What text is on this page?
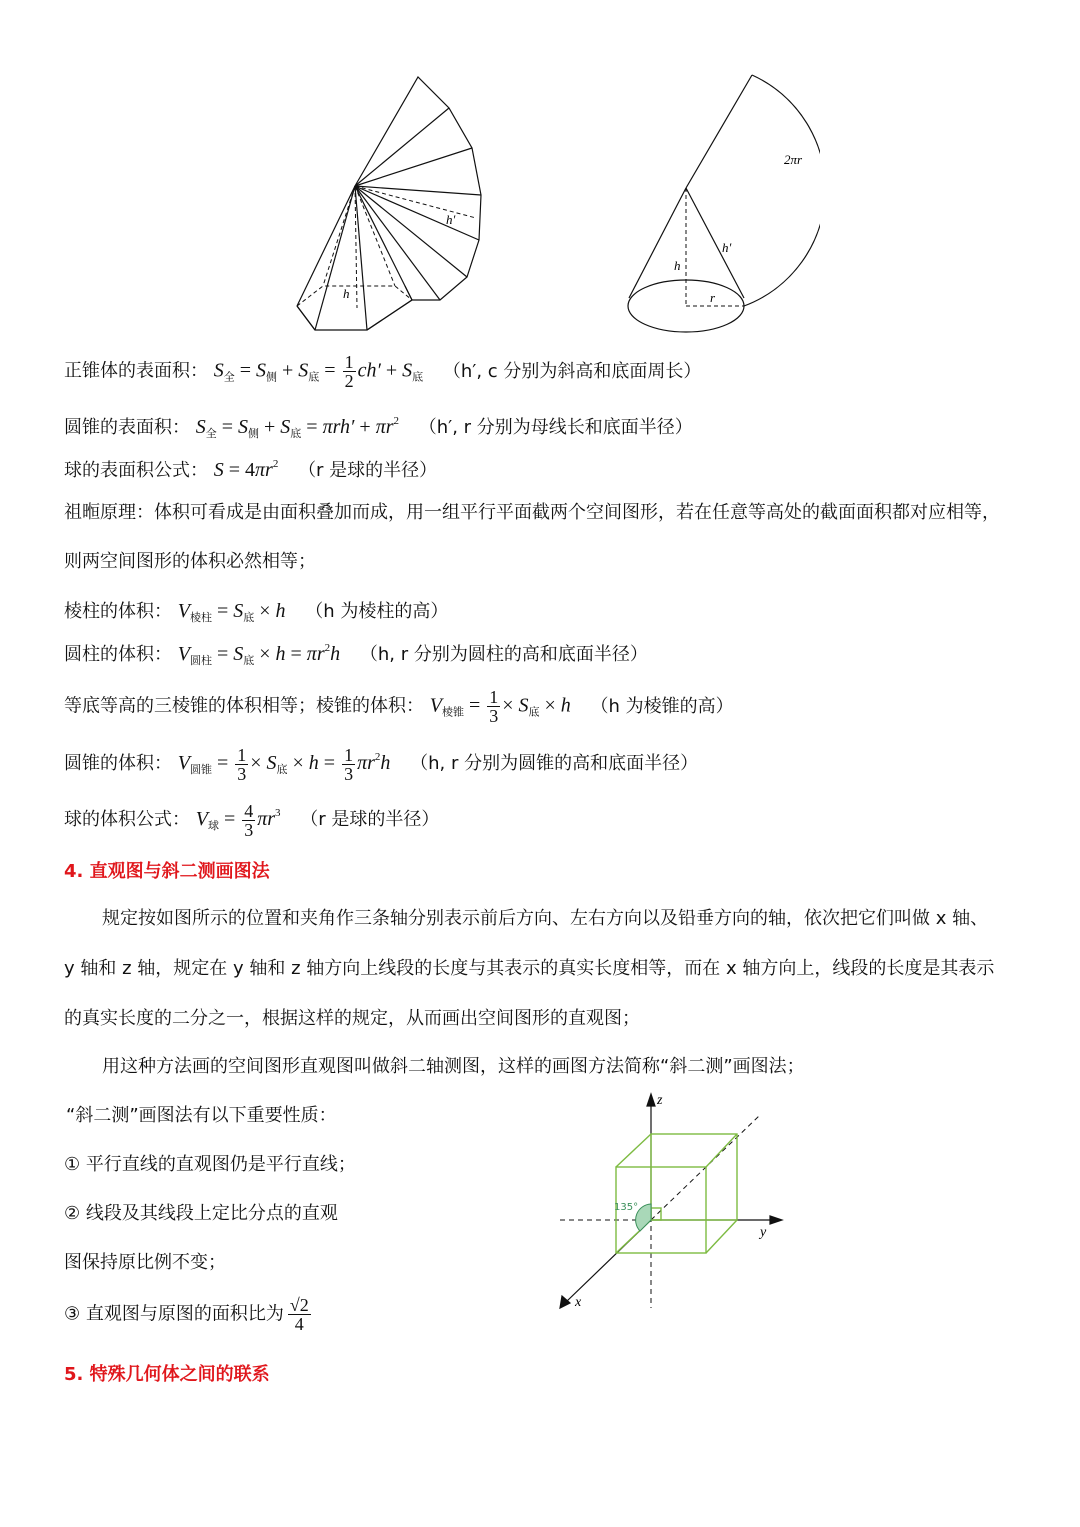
h
h′
2πr
h
h′
r
正锥体的表面积： $S_全 = S_侧 + S_底 = \frac{1}{2} ch' + S_底$ （h′, c 分别为斜高和底面周长）
圆锥的表面积： $S_全 = S_侧 + S_底 = \pi rh' + \pi r^2$ （h′, r 分别为母线长和底面半径）
球的表面积公式： $S = 4\pi r^2$ （r 是球的半径）
祖暅原理：体积可看成是由面积叠加而成，用一组平行平面截两个空间图形，若在任意等高处的截面面积都对应相等，
则两空间图形的体积必然相等；
棱柱的体积： $V_{棱柱} = S_底 \times h$ （h 为棱柱的高）
圆柱的体积： $V_{圆柱} = S_底 \times h = \pi r^2h$ （h, r 分别为圆柱的高和底面半径）
等底等高的三棱锥的体积相等；棱锥的体积： $V_{棱锥} = \frac{1}{3} \times S_底 \times h$ （h 为棱锥的高）
圆锥的体积： $V_{圆锥} = \frac{1}{3} \times S_底 \times h = \frac{1}{3} \pi r^2h$ （h, r 分别为圆锥的高和底面半径）
球的体积公式： $V_球 = \frac{4}{3} \pi r^3$ （r 是球的半径）
4. 直观图与斜二测画图法
规定按如图所示的位置和夹角作三条轴分别表示前后方向、左右方向以及铅垂方向的轴，依次把它们叫做 x 轴、
y 轴和 z 轴，规定在 y 轴和 z 轴方向上线段的长度与其表示的真实长度相等，而在 x 轴方向上，线段的长度是其表示
的真实长度的二分之一，根据这样的规定，从而画出空间图形的直观图；
用这种方法画的空间图形直观图叫做斜二轴测图，这样的画图方法简称“斜二测”画图法；
“斜二测”画图法有以下重要性质：
① 平行直线的直观图仍是平行直线；
② 线段及其线段上定比分点的直观
图保持原比例不变；
③ 直观图与原图的面积比为 $\frac{√2}{4}$
135°
z
y
x
5. 特殊几何体之间的联系
